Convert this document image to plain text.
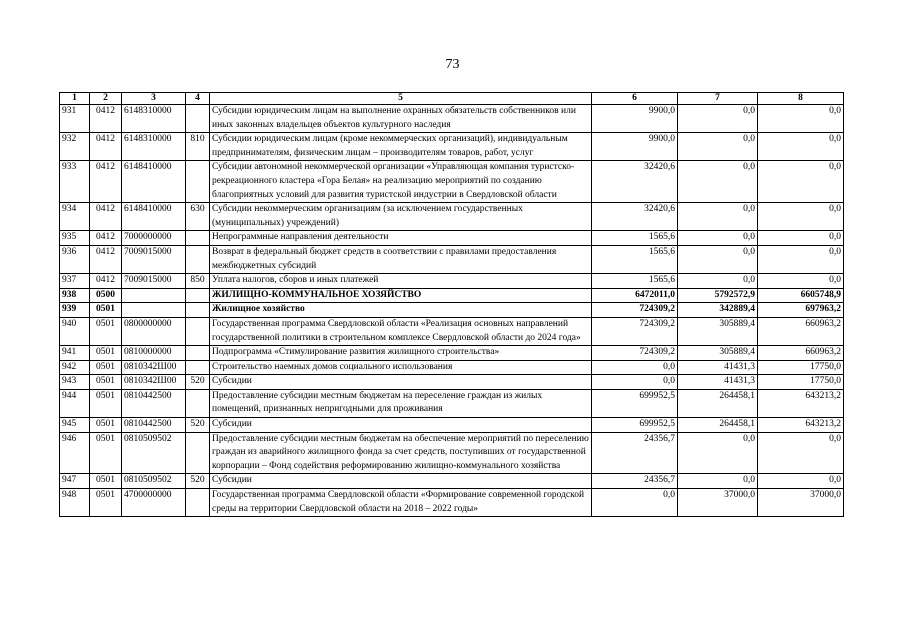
73
1	2	3	4	5	6	7	8
931	0412	6148310000		Субсидии юридическим лицам на выполнение охранных обязательств собственников или иных законных владельцев объектов культурного наследия	9900,0	0,0	0,0
932	0412	6148310000	810	Субсидии юридическим лицам (кроме некоммерческих организаций), индивидуальным предпринимателям, физическим лицам – производителям товаров, работ, услуг	9900,0	0,0	0,0
933	0412	6148410000		Субсидии автономной некоммерческой организации «Управляющая компания туристско-рекреационного кластера «Гора Белая» на реализацию мероприятий по созданию благоприятных условий для развития туристской индустрии в Свердловской области	32420,6	0,0	0,0
934	0412	6148410000	630	Субсидии некоммерческим организациям (за исключением государственных (муниципальных) учреждений)	32420,6	0,0	0,0
935	0412	7000000000		Непрограммные направления деятельности	1565,6	0,0	0,0
936	0412	7009015000		Возврат в федеральный бюджет средств в соответствии с правилами предоставления межбюджетных субсидий	1565,6	0,0	0,0
937	0412	7009015000	850	Уплата налогов, сборов и иных платежей	1565,6	0,0	0,0
938	0500			ЖИЛИЩНО-КОММУНАЛЬНОЕ ХОЗЯЙСТВО	6472011,0	5792572,9	6605748,9
939	0501			Жилищное хозяйство	724309,2	342889,4	697963,2
940	0501	0800000000		Государственная программа Свердловской области «Реализация основных направлений государственной политики в строительном комплексе Свердловской области до 2024 года»	724309,2	305889,4	660963,2
941	0501	0810000000		Подпрограмма «Стимулирование развития жилищного строительства»	724309,2	305889,4	660963,2
942	0501	0810342Ш00		Строительство наемных домов социального использования	0,0	41431,3	17750,0
943	0501	0810342Ш00	520	Субсидии	0,0	41431,3	17750,0
944	0501	0810442500		Предоставление субсидии местным бюджетам на переселение граждан из жилых помещений, признанных непригодными для проживания	699952,5	264458,1	643213,2
945	0501	0810442500	520	Субсидии	699952,5	264458,1	643213,2
946	0501	0810509502		Предоставление субсидии местным бюджетам на обеспечение мероприятий по переселению граждан из аварийного жилищного фонда за счет средств, поступивших от государственной корпорации – Фонд содействия реформированию жилищно-коммунального хозяйства	24356,7	0,0	0,0
947	0501	0810509502	520	Субсидии	24356,7	0,0	0,0
948	0501	4700000000		Государственная программа Свердловской области «Формирование современной городской среды на территории Свердловской области на 2018 – 2022 годы»	0,0	37000,0	37000,0
